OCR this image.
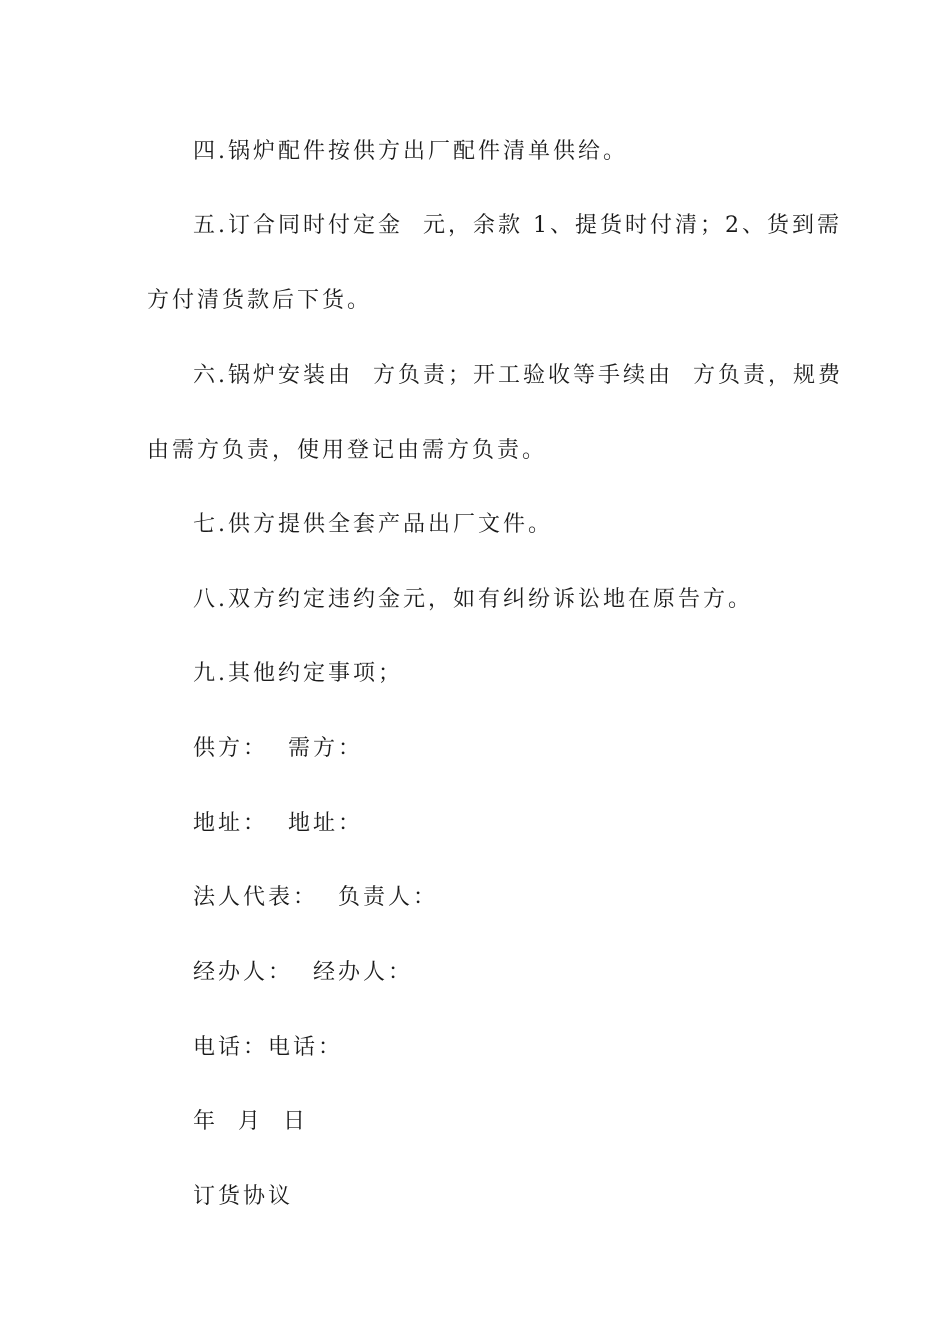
四.锅炉配件按供方出厂配件清单供给。

五.订合同时付定金  元，余款 1、提货时付清；2、货到需

方付清货款后下货。

六.锅炉安装由  方负责；开工验收等手续由  方负责，规费

由需方负责，使用登记由需方负责。

七.供方提供全套产品出厂文件。

八.双方约定违约金元，如有纠纷诉讼地在原告方。

九.其他约定事项；

供方：  需方：

地址：  地址：

法人代表：  负责人：

经办人：  经办人：

电话：电话：

年  月  日

订货协议
